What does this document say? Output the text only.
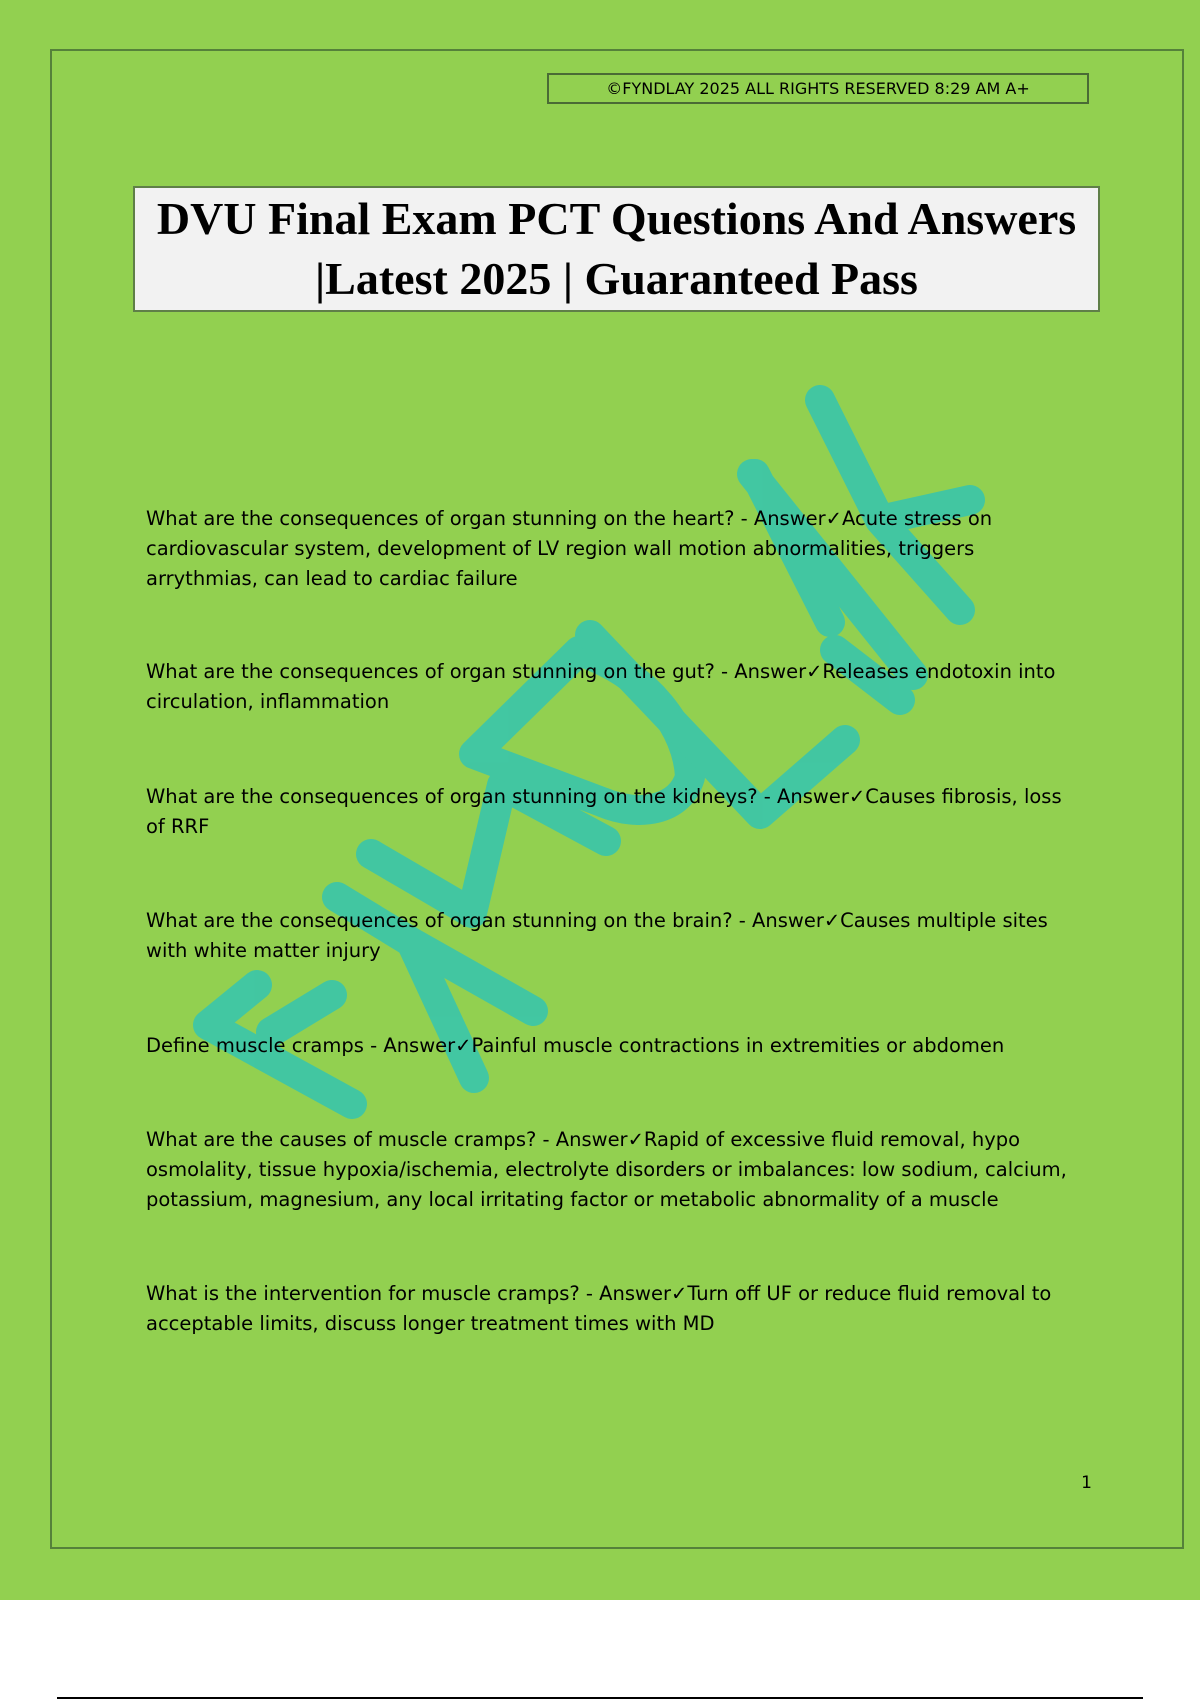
©FYNDLAY 2025 ALL RIGHTS RESERVED 8:29 AM A+
DVU Final Exam PCT Questions And Answers |Latest 2025 | Guaranteed Pass
What are the consequences of organ stunning on the heart? - Answer✓Acute stress on cardiovascular system, development of LV region wall motion abnormalities, triggers arrythmias, can lead to cardiac failure
What are the consequences of organ stunning on the gut? - Answer✓Releases endotoxin into circulation, inflammation
What are the consequences of organ stunning on the kidneys? - Answer✓Causes fibrosis, loss of RRF
What are the consequences of organ stunning on the brain? - Answer✓Causes multiple sites with white matter injury
Define muscle cramps - Answer✓Painful muscle contractions in extremities or abdomen
What are the causes of muscle cramps? - Answer✓Rapid of excessive fluid removal, hypo osmolality, tissue hypoxia/ischemia, electrolyte disorders or imbalances: low sodium, calcium, potassium, magnesium, any local irritating factor or metabolic abnormality of a muscle
What is the intervention for muscle cramps? - Answer✓Turn off UF or reduce fluid removal to acceptable limits, discuss longer treatment times with MD
1
